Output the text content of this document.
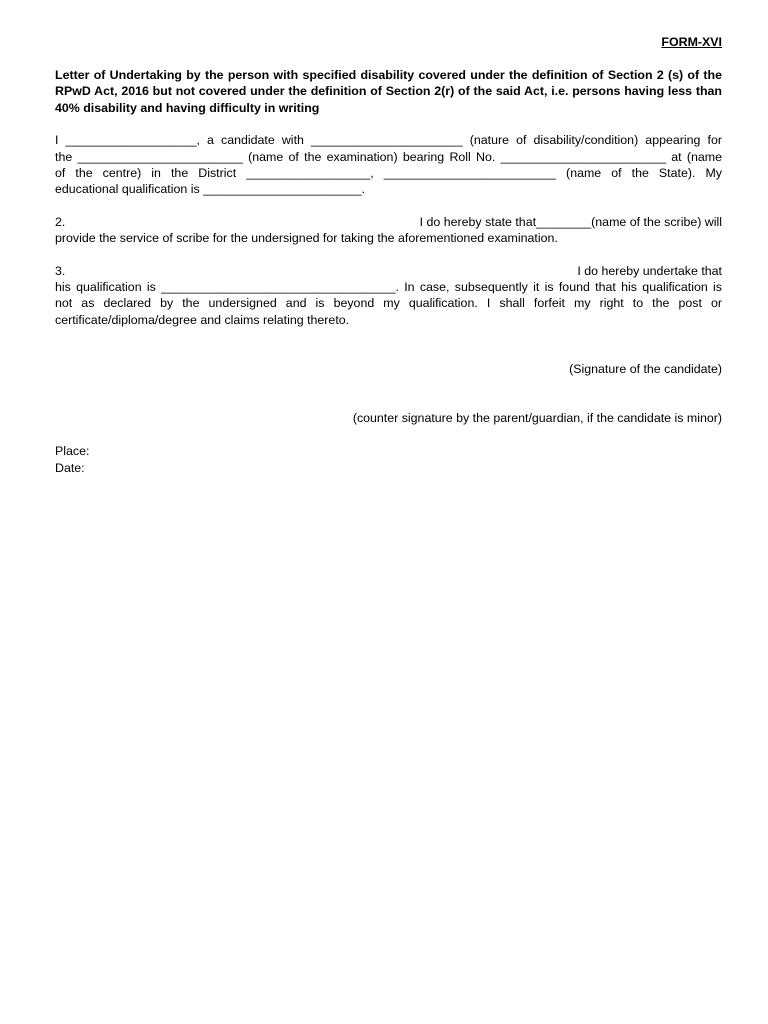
FORM-XVI

Letter of Undertaking by the person with specified disability covered under the definition of Section 2 (s) of the RPwD Act, 2016 but not covered under the definition of Section 2(r) of the said Act, i.e. persons having less than 40% disability and having difficulty in writing

I ___________________, a candidate with ______________________ (nature of disability/condition) appearing for
the ________________________ (name of the examination) bearing Roll No. ________________________ at (name
of the centre) in the District __________________, _________________________ (name of the State). My
educational qualification is _______________________.
2.	I do hereby state that________(name of the scribe) will
provide the service of scribe for the undersigned for taking the aforementioned examination.
3.	I do hereby undertake that
his qualification is __________________________________. In case, subsequently it is found that his qualification is
not as declared by the undersigned and is beyond my qualification. I shall forfeit my right to the post or
certificate/diploma/degree and claims relating thereto.

(Signature of the candidate)

(counter signature by the parent/guardian, if the candidate is minor)

Place:
Date:
